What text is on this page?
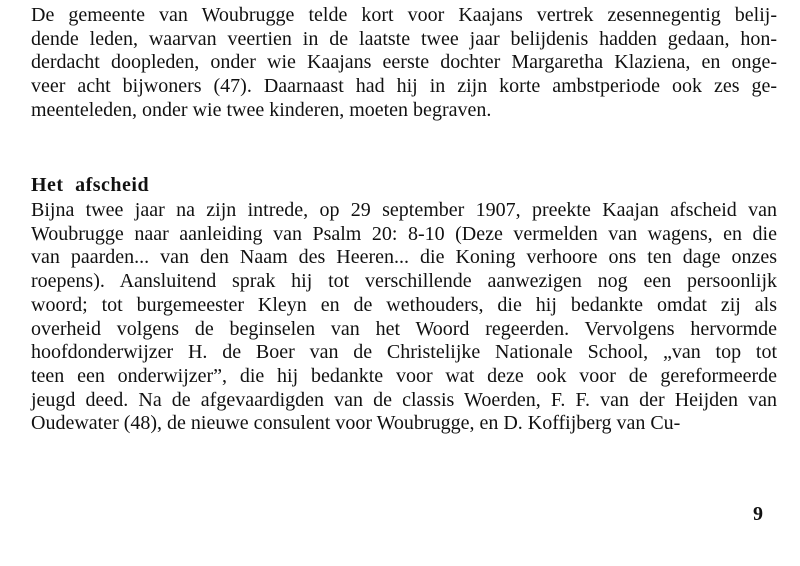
De gemeente van Woubrugge telde kort voor Kaajans vertrek zesennegentig belij-
dende leden, waarvan veertien in de laatste twee jaar belijdenis hadden gedaan, hon-
derdacht doopleden, onder wie Kaajans eerste dochter Margaretha Klaziena, en onge-
veer acht bijwoners (47). Daarnaast had hij in zijn korte ambstperiode ook zes ge-
meenteleden, onder wie twee kinderen, moeten begraven.
Het afscheid
Bijna twee jaar na zijn intrede, op 29 september 1907, preekte Kaajan afscheid van
Woubrugge naar aanleiding van Psalm 20: 8-10 (Deze vermelden van wagens, en die
van paarden... van den Naam des Heeren... die Koning verhoore ons ten dage onzes
roepens). Aansluitend sprak hij tot verschillende aanwezigen nog een persoonlijk
woord; tot burgemeester Kleyn en de wethouders, die hij bedankte omdat zij als
overheid volgens de beginselen van het Woord regeerden. Vervolgens hervormde
hoofdonderwijzer H. de Boer van de Christelijke Nationale School, „van top tot
teen een onderwijzer”, die hij bedankte voor wat deze ook voor de gereformeerde
jeugd deed. Na de afgevaardigden van de classis Woerden, F. F. van der Heijden van
Oudewater (48), de nieuwe consulent voor Woubrugge, en D. Koffijberg van Cu-

9
